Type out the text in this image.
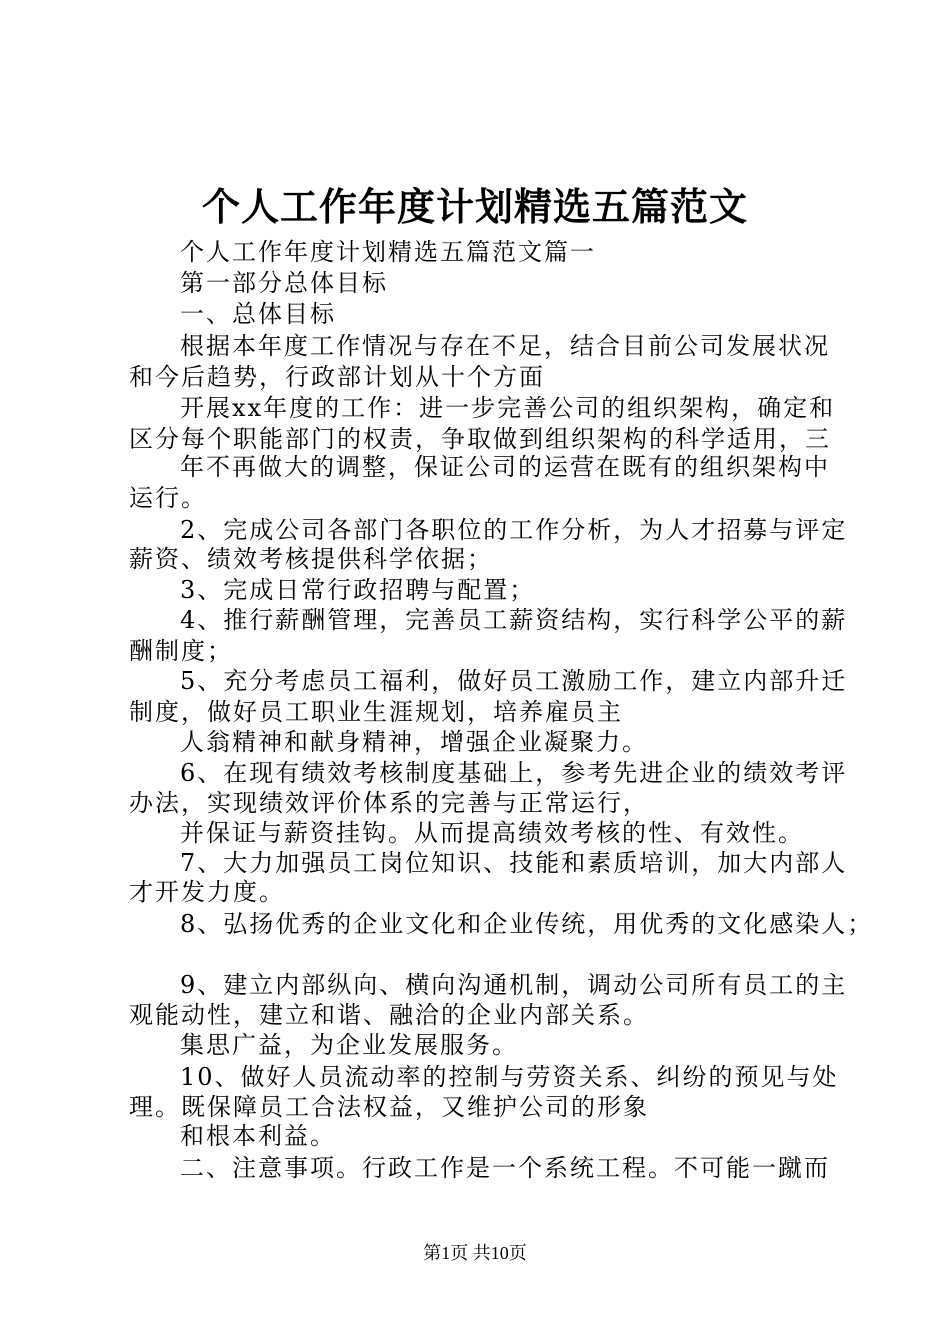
个人工作年度计划精选五篇范文
个人工作年度计划精选五篇范文篇一
第一部分总体目标
一、总体目标
根据本年度工作情况与存在不足，结合目前公司发展状况
和今后趋势，行政部计划从十个方面
开展xx年度的工作：进一步完善公司的组织架构，确定和
区分每个职能部门的权责，争取做到组织架构的科学适用，三
年不再做大的调整，保证公司的运营在既有的组织架构中
运行。
2、完成公司各部门各职位的工作分析，为人才招募与评定
薪资、绩效考核提供科学依据；
3、完成日常行政招聘与配置；
4、推行薪酬管理，完善员工薪资结构，实行科学公平的薪
酬制度；
5、充分考虑员工福利，做好员工激励工作，建立内部升迁
制度，做好员工职业生涯规划，培养雇员主
人翁精神和献身精神，增强企业凝聚力。
6、在现有绩效考核制度基础上，参考先进企业的绩效考评
办法，实现绩效评价体系的完善与正常运行，
并保证与薪资挂钩。从而提高绩效考核的性、有效性。
7、大力加强员工岗位知识、技能和素质培训，加大内部人
才开发力度。
8、弘扬优秀的企业文化和企业传统，用优秀的文化感染人；
9、建立内部纵向、横向沟通机制，调动公司所有员工的主
观能动性，建立和谐、融洽的企业内部关系。
集思广益，为企业发展服务。
10、做好人员流动率的控制与劳资关系、纠纷的预见与处
理。既保障员工合法权益，又维护公司的形象
和根本利益。
二、注意事项。行政工作是一个系统工程。不可能一蹴而
第1页 共10页
